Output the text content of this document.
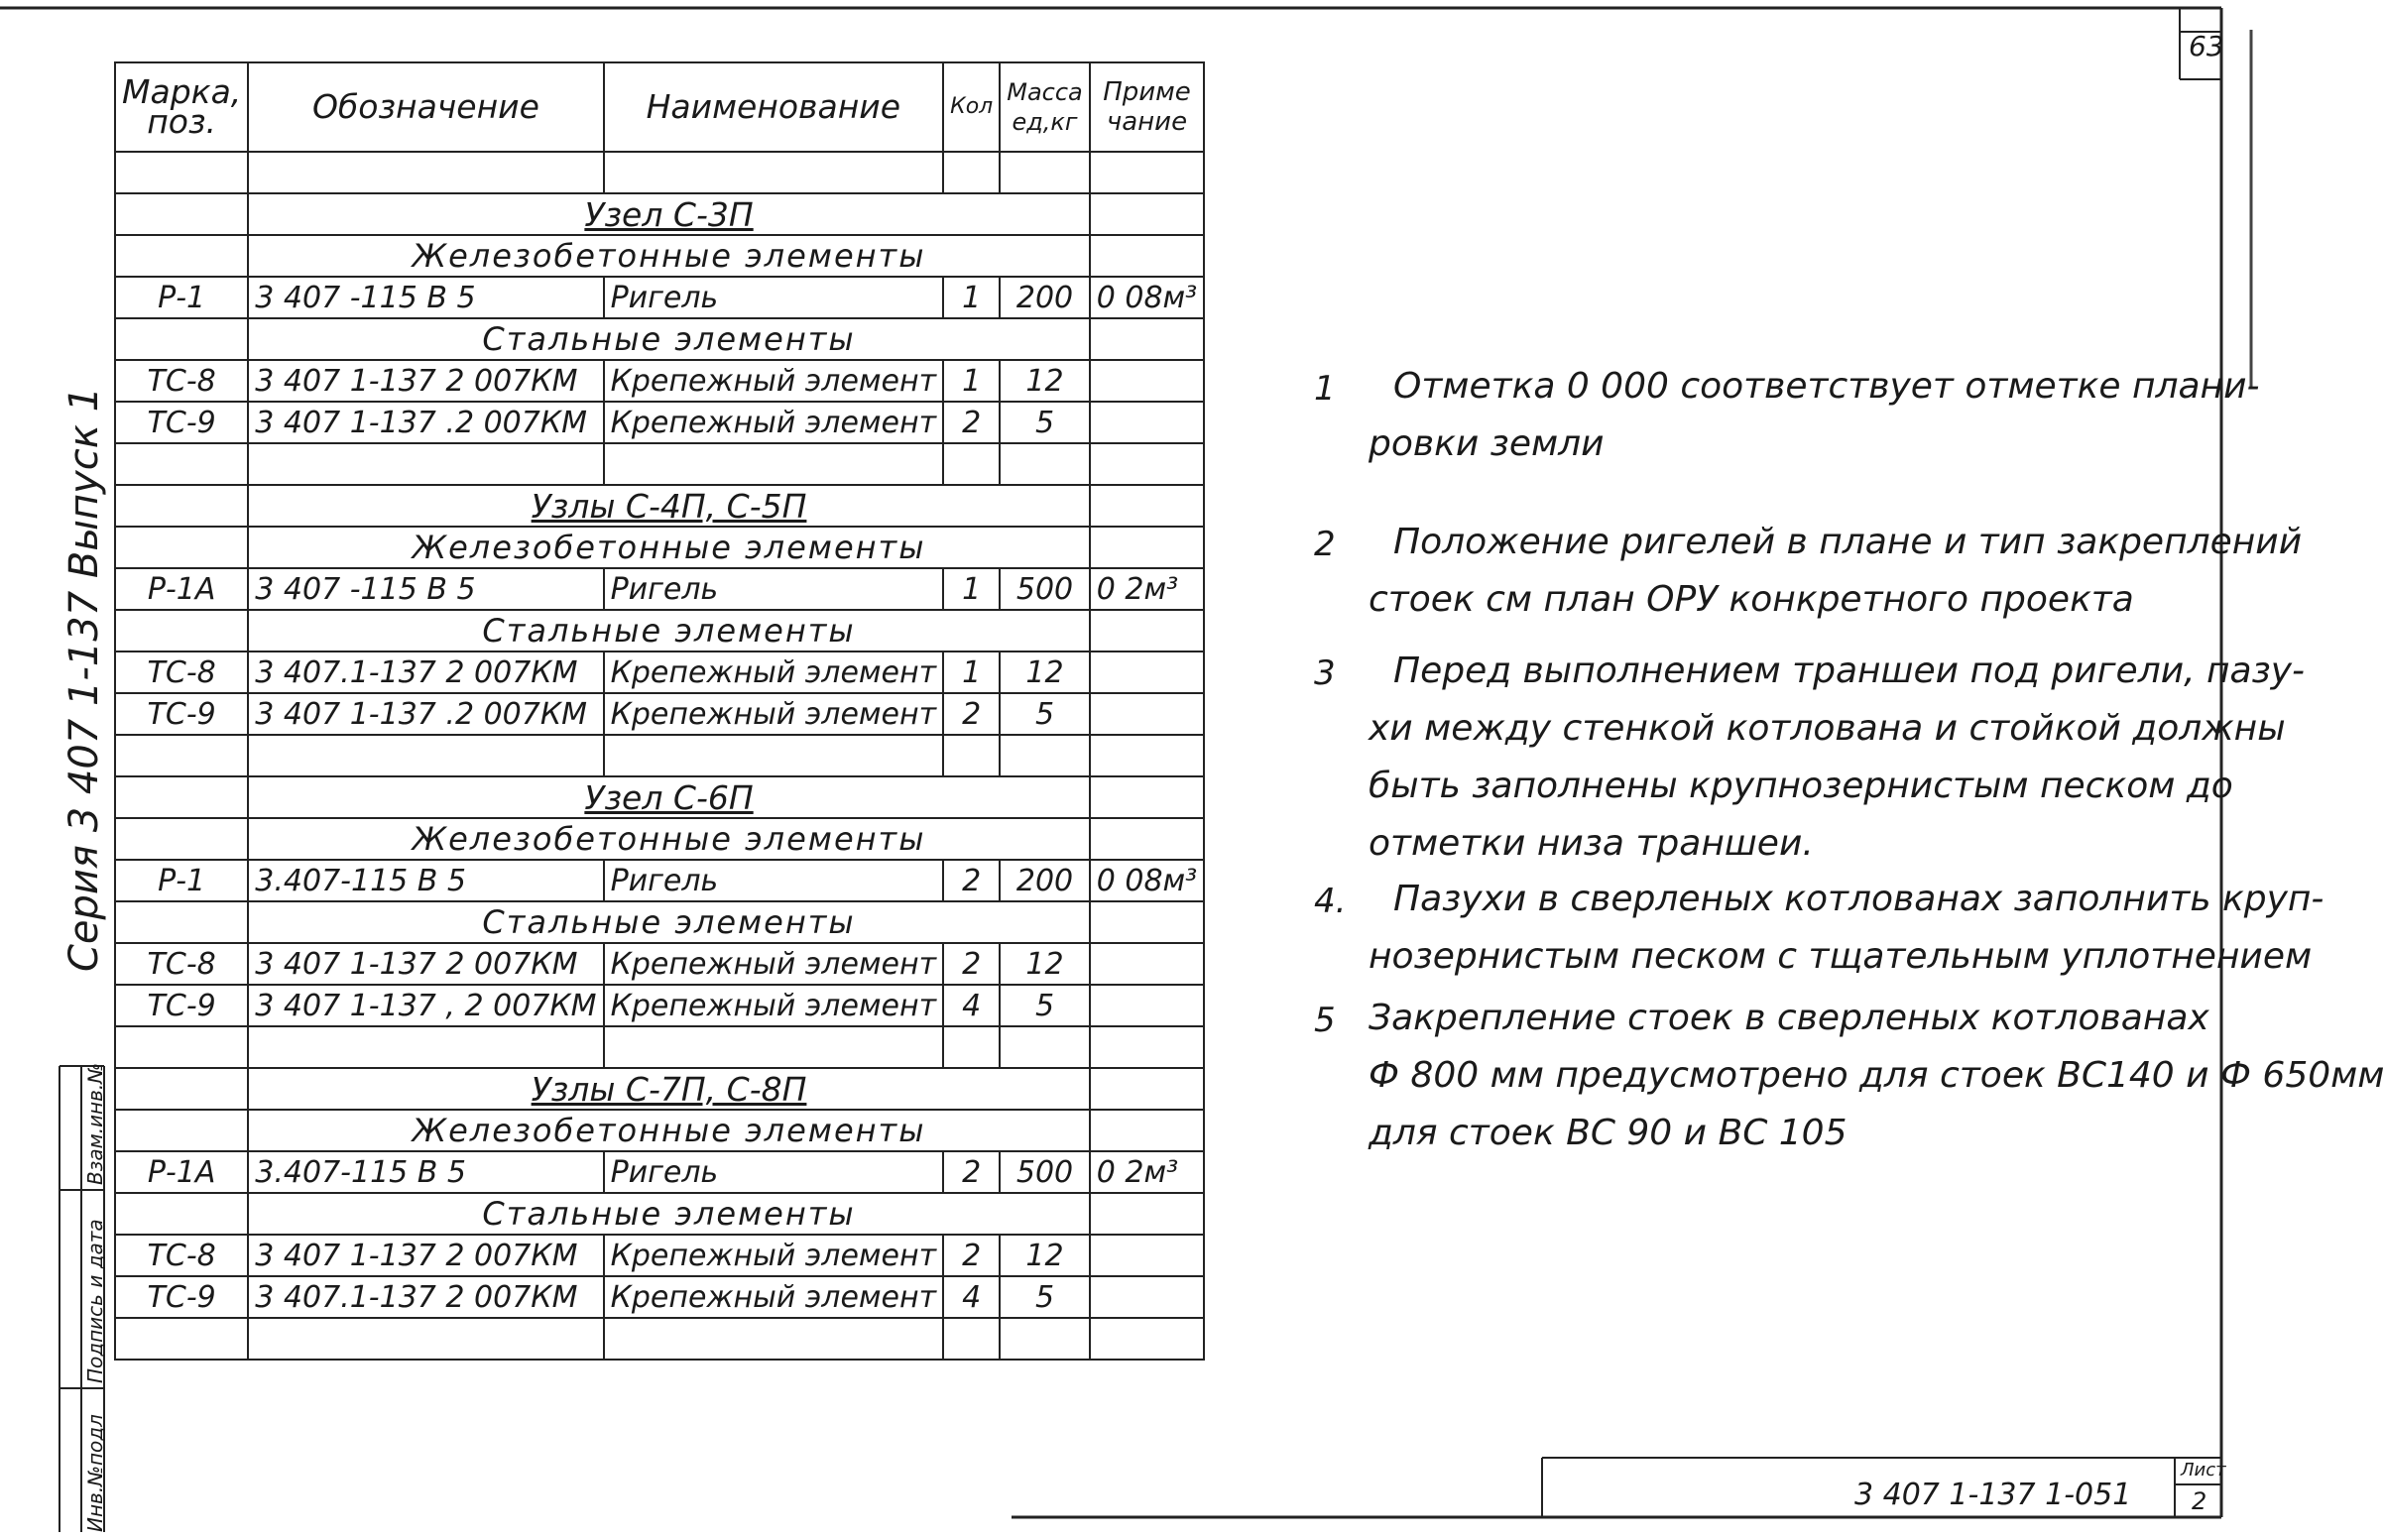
63
Марка, поз.	Обозначение	Наименование	Кол	Масса ед,кг	Приме чание

	Узел С-3П				
	Железобетонные элементы				
Р-1	3 407 -115 В 5	Ригель	1	200	0 08м³
	Стальные элементы				
ТС-8	3 407 1-137 2 007КМ	Крепежный элемент	1	12	
ТС-9	3 407 1-137 .2 007КМ	Крепежный элемент	2	5	

	Узлы С-4П, С-5П				
	Железобетонные элементы				
Р-1А	3 407 -115 В 5	Ригель	1	500	0 2м³
	Стальные элементы				
ТС-8	3 407.1-137 2 007КМ	Крепежный элемент	1	12	
ТС-9	3 407 1-137 .2 007КМ	Крепежный элемент	2	5	

	Узел С-6П				
	Железобетонные элементы				
Р-1	3.407-115 В 5	Ригель	2	200	0 08м³
	Стальные элементы				
ТС-8	3 407 1-137 2 007КМ	Крепежный элемент	2	12	
ТС-9	3 407 1-137 , 2 007КМ	Крепежный элемент	4	5	

	Узлы С-7П, С-8П				
	Железобетонные элементы				
Р-1А	3.407-115 В 5	Ригель	2	500	0 2м³
	Стальные элементы				
ТС-8	3 407 1-137 2 007КМ	Крепежный элемент	2	12	
ТС-9	3 407.1-137 2 007КМ	Крепежный элемент	4	5	

1 Отметка 0 000 соответствует отметке плани-
ровки земли
2 Положение ригелей в плане и тип закреплений
стоек см план ОРУ конкретного проекта
3 Перед выполнением траншеи под ригели, пазу-
хи между стенкой котлована и стойкой должны
быть заполнены крупнозернистым песком до
отметки низа траншеи.
4. Пазухи в сверленых котлованах заполнить круп-
нозернистым песком с тщательным уплотнением
5 Закрепление стоек в сверленых котлованах
Ф 800 мм предусмотрено для стоек ВС140 и Ф 650мм
для стоек ВС 90 и ВС 105
Серия 3 407 1-137 Выпуск 1
Взам.инв.№
Подпись и дата
Инв.№подл	3 407 1-137 1-051
Лист
2
